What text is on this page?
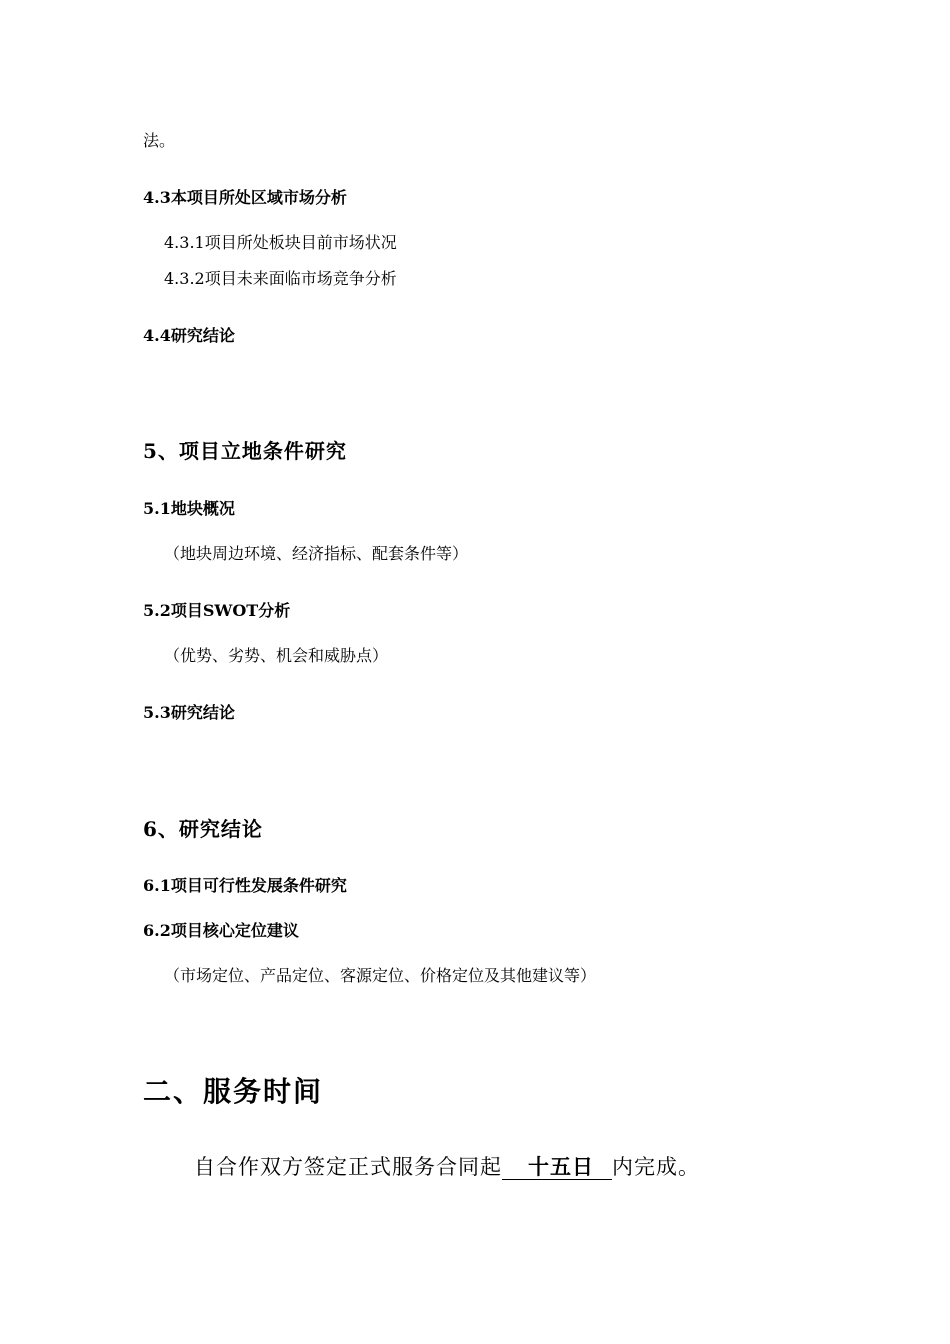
法。

4.3本项目所处区域市场分析

4.3.1项目所处板块目前市场状况

4.3.2项目未来面临市场竞争分析

4.4研究结论

5、项目立地条件研究

5.1地块概况

（地块周边环境、经济指标、配套条件等）

5.2项目SWOT分析

（优势、劣势、机会和威胁点）

5.3研究结论

6、研究结论

6.1项目可行性发展条件研究

6.2项目核心定位建议

（市场定位、产品定位、客源定位、价格定位及其他建议等）

二、服务时间

自合作双方签定正式服务合同起 十五日 内完成。
